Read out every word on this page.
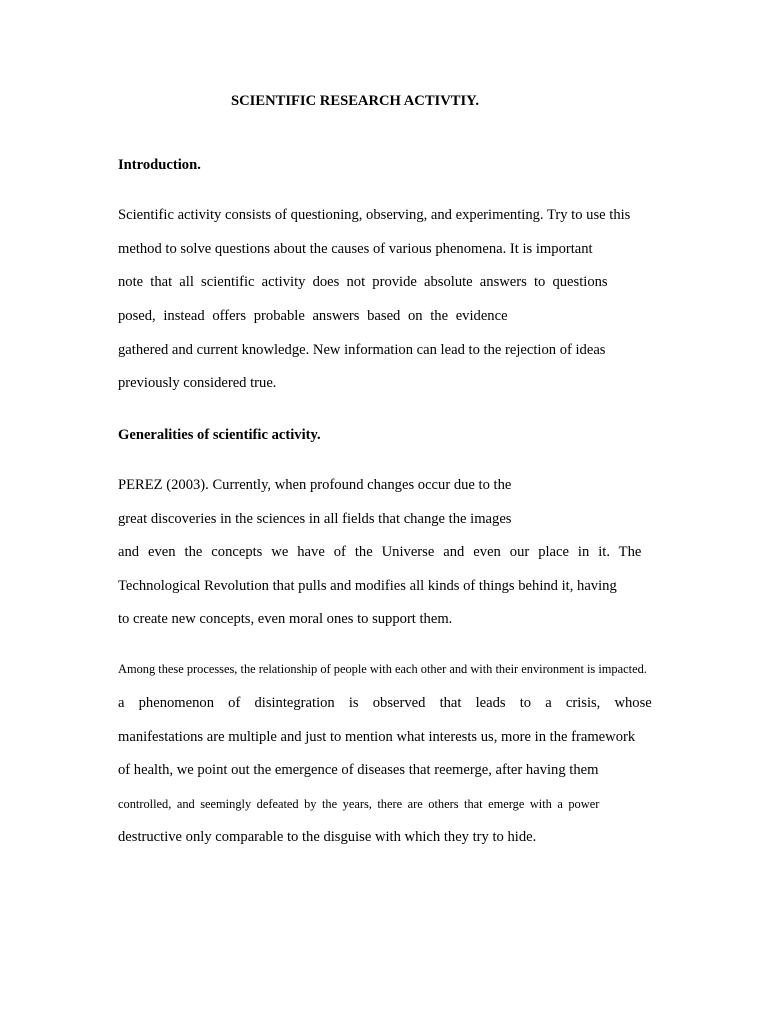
SCIENTIFIC RESEARCH ACTIVTIY.
Introduction.
Scientific activity consists of questioning, observing, and experimenting. Try to use this
method to solve questions about the causes of various phenomena. It is important
note that all scientific activity does not provide absolute answers to questions
posed, instead offers probable answers based on the evidence
gathered and current knowledge. New information can lead to the rejection of ideas
previously considered true.
Generalities of scientific activity.
PEREZ (2003). Currently, when profound changes occur due to the
great discoveries in the sciences in all fields that change the images
and even the concepts we have of the Universe and even our place in it. The
Technological Revolution that pulls and modifies all kinds of things behind it, having
to create new concepts, even moral ones to support them.
Among these processes, the relationship of people with each other and with their environment is impacted.
a phenomenon of disintegration is observed that leads to a crisis, whose
manifestations are multiple and just to mention what interests us, more in the framework
of health, we point out the emergence of diseases that reemerge, after having them
controlled, and seemingly defeated by the years, there are others that emerge with a power
destructive only comparable to the disguise with which they try to hide.
